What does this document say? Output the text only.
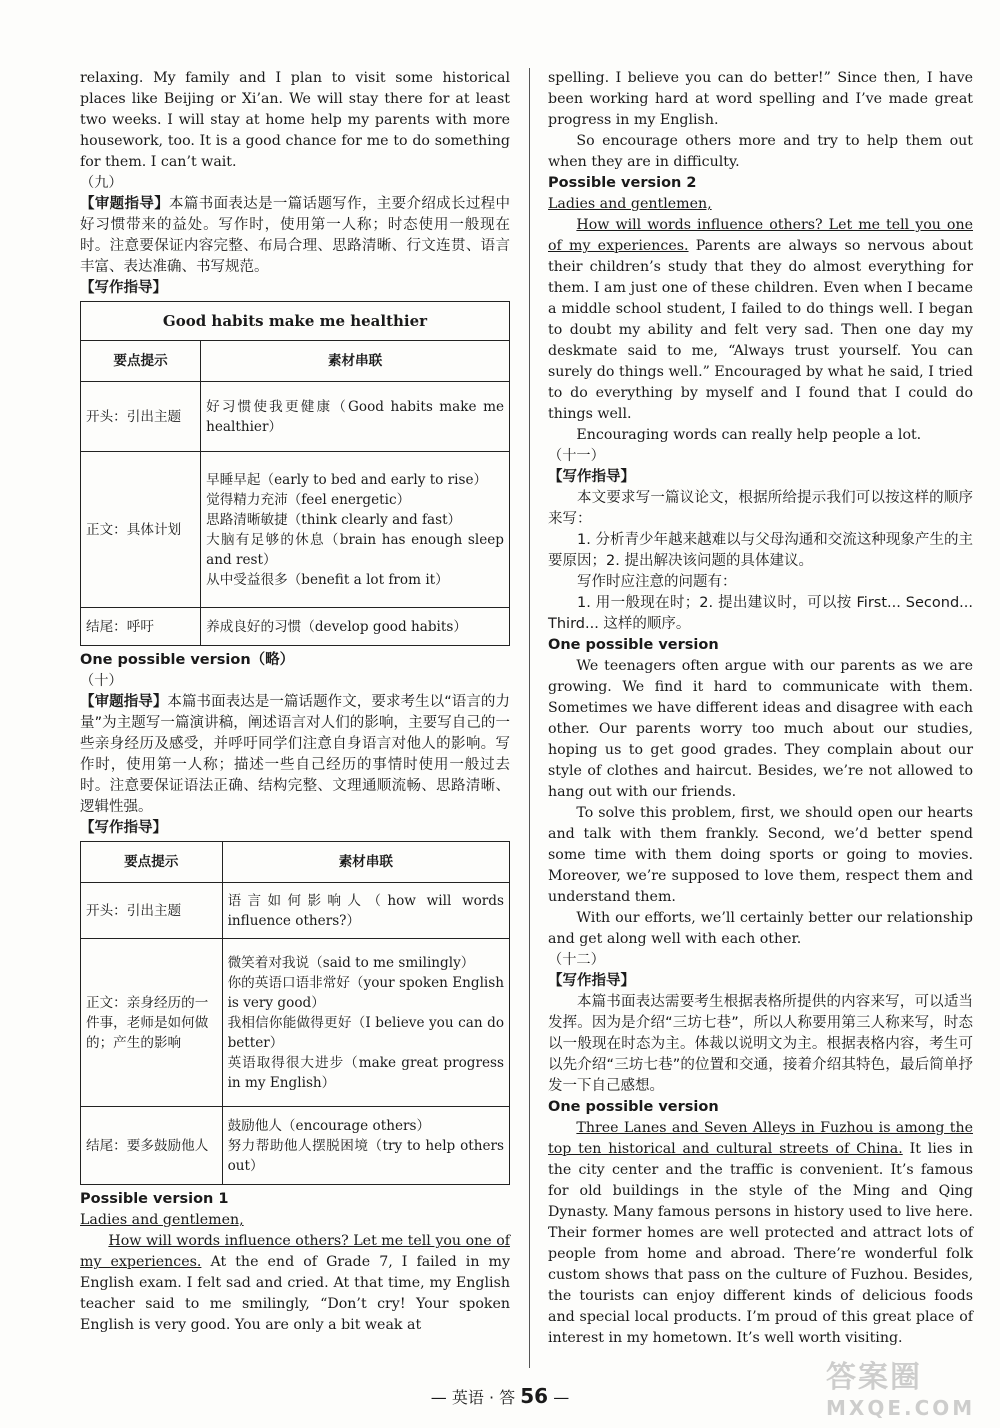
relaxing. My family and I plan to visit some historical places like Beijing or Xi’an. We will stay there for at least two weeks. I will stay at home help my parents with more housework, too. It is a good chance for me to do something for them. I can’t wait.

（九）

【审题指导】本篇书面表达是一篇话题写作，主要介绍成长过程中好习惯带来的益处。写作时，使用第一人称；时态使用一般现在时。注意要保证内容完整、布局合理、思路清晰、行文连贯、语言丰富、表达准确、书写规范。

【写作指导】

Good habits make me healthier	
要点提示	素材串联
开头：引出主题	好习惯使我更健康（Good habits make me healthier）

正文：具体计划	早睡早起（early to bed and early to rise）
觉得精力充沛（feel energetic）
思路清晰敏捷（think clearly and fast）
大脑有足够的休息（brain has enough sleep and rest）
从中受益很多（benefit a lot from it）

结尾：呼吁	养成良好的习惯（develop good habits）

One possible version（略）

（十）

【审题指导】本篇书面表达是一篇话题作文，要求考生以“语言的力量”为主题写一篇演讲稿，阐述语言对人们的影响，主要写自己的一些亲身经历及感受，并呼吁同学们注意自身语言对他人的影响。写作时，使用第一人称；描述一些自己经历的事情时使用一般过去时。注意要保证语法正确、结构完整、文理通顺流畅、思路清晰、逻辑性强。

【写作指导】

要点提示	素材串联
开头：引出主题	语言如何影响人（how will words influence others?）

正文：亲身经历的一件事，老师是如何做的；产生的影响	微笑着对我说（said to me smilingly）
你的英语口语非常好（your spoken English is very good）
我相信你能做得更好（I believe you can do better）
英语取得很大进步（make great progress in my English）

结尾：要多鼓励他人	鼓励他人（encourage others）
努力帮助他人摆脱困境（try to help others out）

Possible version 1

Ladies and gentlemen,

How will words influence others? Let me tell you one of my experiences. At the end of Grade 7, I failed in my English exam. I felt sad and cried. At that time, my English teacher said to me smilingly, “Don’t cry! Your spoken English is very good. You are only a bit weak at

spelling. I believe you can do better!” Since then, I have been working hard at word spelling and I’ve made great progress in my English.

So encourage others more and try to help them out when they are in difficulty.

Possible version 2

Ladies and gentlemen,

How will words influence others? Let me tell you one of my experiences. Parents are always so nervous about their children’s study that they do almost everything for them. I am just one of these children. Even when I became a middle school student, I failed to do things well. I began to doubt my ability and felt very sad. Then one day my deskmate said to me, “Always trust yourself. You can surely do things well.” Encouraged by what he said, I tried to do everything by myself and I found that I could do things well.

Encouraging words can really help people a lot.

（十一）

【写作指导】

本文要求写一篇议论文，根据所给提示我们可以按这样的顺序来写：

1. 分析青少年越来越难以与父母沟通和交流这种现象产生的主要原因；2. 提出解决该问题的具体建议。

写作时应注意的问题有：

1. 用一般现在时；2. 提出建议时，可以按 First... Second... Third... 这样的顺序。

One possible version

We teenagers often argue with our parents as we are growing. We find it hard to communicate with them. Sometimes we have different ideas and disagree with each other. Our parents worry too much about our studies, hoping us to get good grades. They complain about our style of clothes and haircut. Besides, we’re not allowed to hang out with our friends.

To solve this problem, first, we should open our hearts and talk with them frankly. Second, we’d better spend some time with them doing sports or going to movies. Moreover, we’re supposed to love them, respect them and understand them.

With our efforts, we’ll certainly better our relationship and get along well with each other.

（十二）

【写作指导】

本篇书面表达需要考生根据表格所提供的内容来写，可以适当发挥。因为是介绍“三坊七巷”，所以人称要用第三人称来写，时态以一般现在时态为主。体裁以说明文为主。根据表格内容，考生可以先介绍“三坊七巷”的位置和交通，接着介绍其特色，最后简单抒发一下自己感想。

One possible version

Three Lanes and Seven Alleys in Fuzhou is among the top ten historical and cultural streets of China. It lies in the city center and the traffic is convenient. It’s famous for old buildings in the style of the Ming and Qing Dynasty. Many famous persons in history used to live here. Their former homes are well protected and attract lots of people from home and abroad. There’re wonderful folk custom shows that pass on the culture of Fuzhou. Besides, the tourists can enjoy different kinds of delicious foods and special local products. I’m proud of this great place of interest in my hometown. It’s well worth visiting.

— 英语 · 答 56 —
答案圈
MXQE.COM
